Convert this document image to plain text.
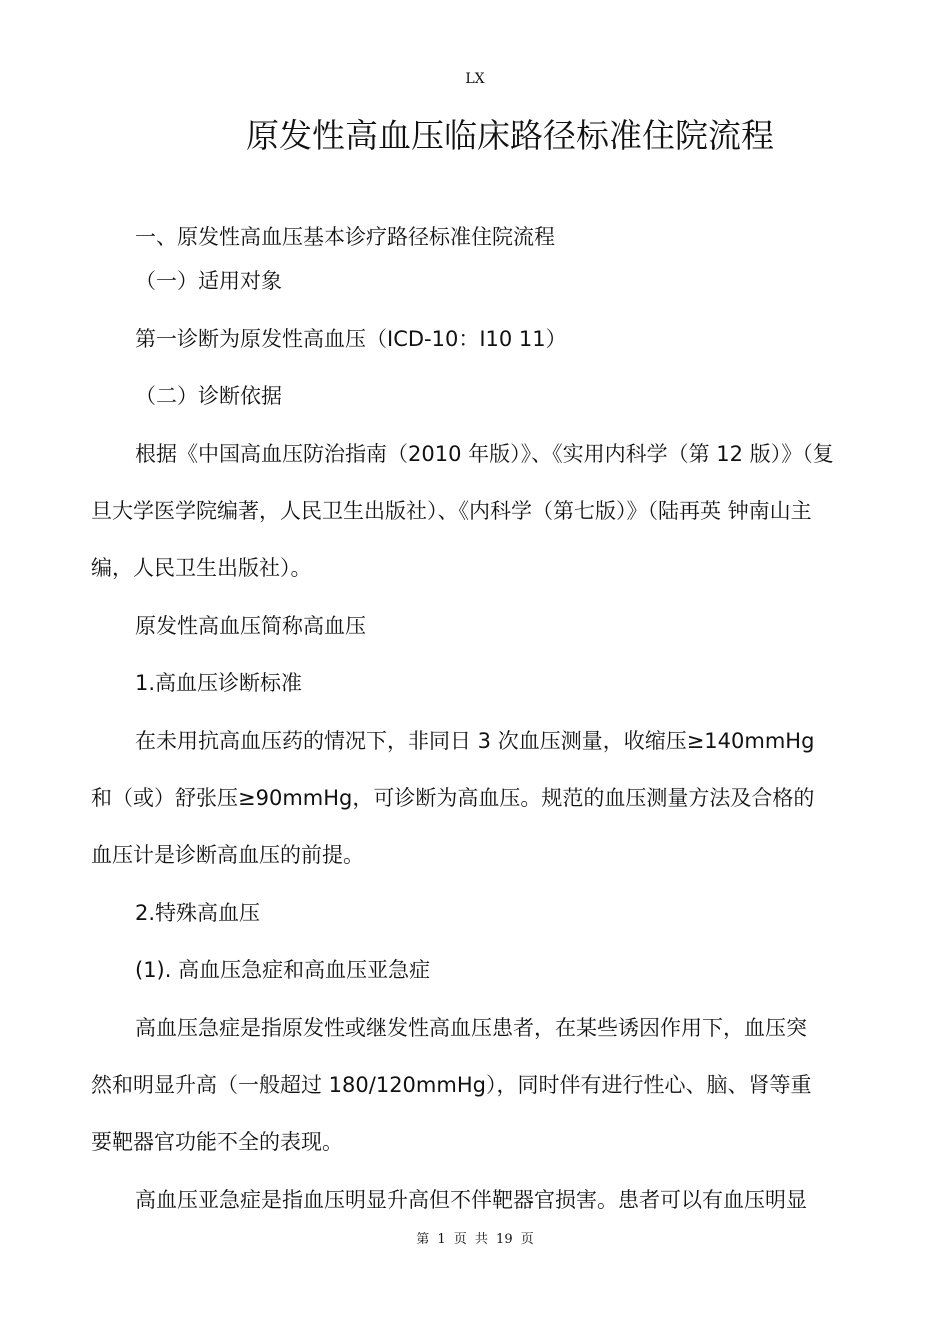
LX
原发性高血压临床路径标准住院流程
一、原发性高血压基本诊疗路径标准住院流程
（一）适用对象
第一诊断为原发性高血压（ICD-10：I10 11）
（二）诊断依据
根据《中国高血压防治指南（2010 年版）》、《实用内科学（第 12 版）》（复
旦大学医学院编著，人民卫生出版社）、《内科学（第七版）》（陆再英 钟南山主
编，人民卫生出版社）。
原发性高血压简称高血压
1.高血压诊断标准
在未用抗高血压药的情况下，非同日 3 次血压测量，收缩压≥140mmHg
和（或）舒张压≥90mmHg，可诊断为高血压。规范的血压测量方法及合格的
血压计是诊断高血压的前提。
2.特殊高血压
(1). 高血压急症和高血压亚急症
高血压急症是指原发性或继发性高血压患者，在某些诱因作用下，血压突
然和明显升高（一般超过 180/120mmHg），同时伴有进行性心、脑、肾等重
要靶器官功能不全的表现。
高血压亚急症是指血压明显升高但不伴靶器官损害。患者可以有血压明显
第 1 页 共 19 页
